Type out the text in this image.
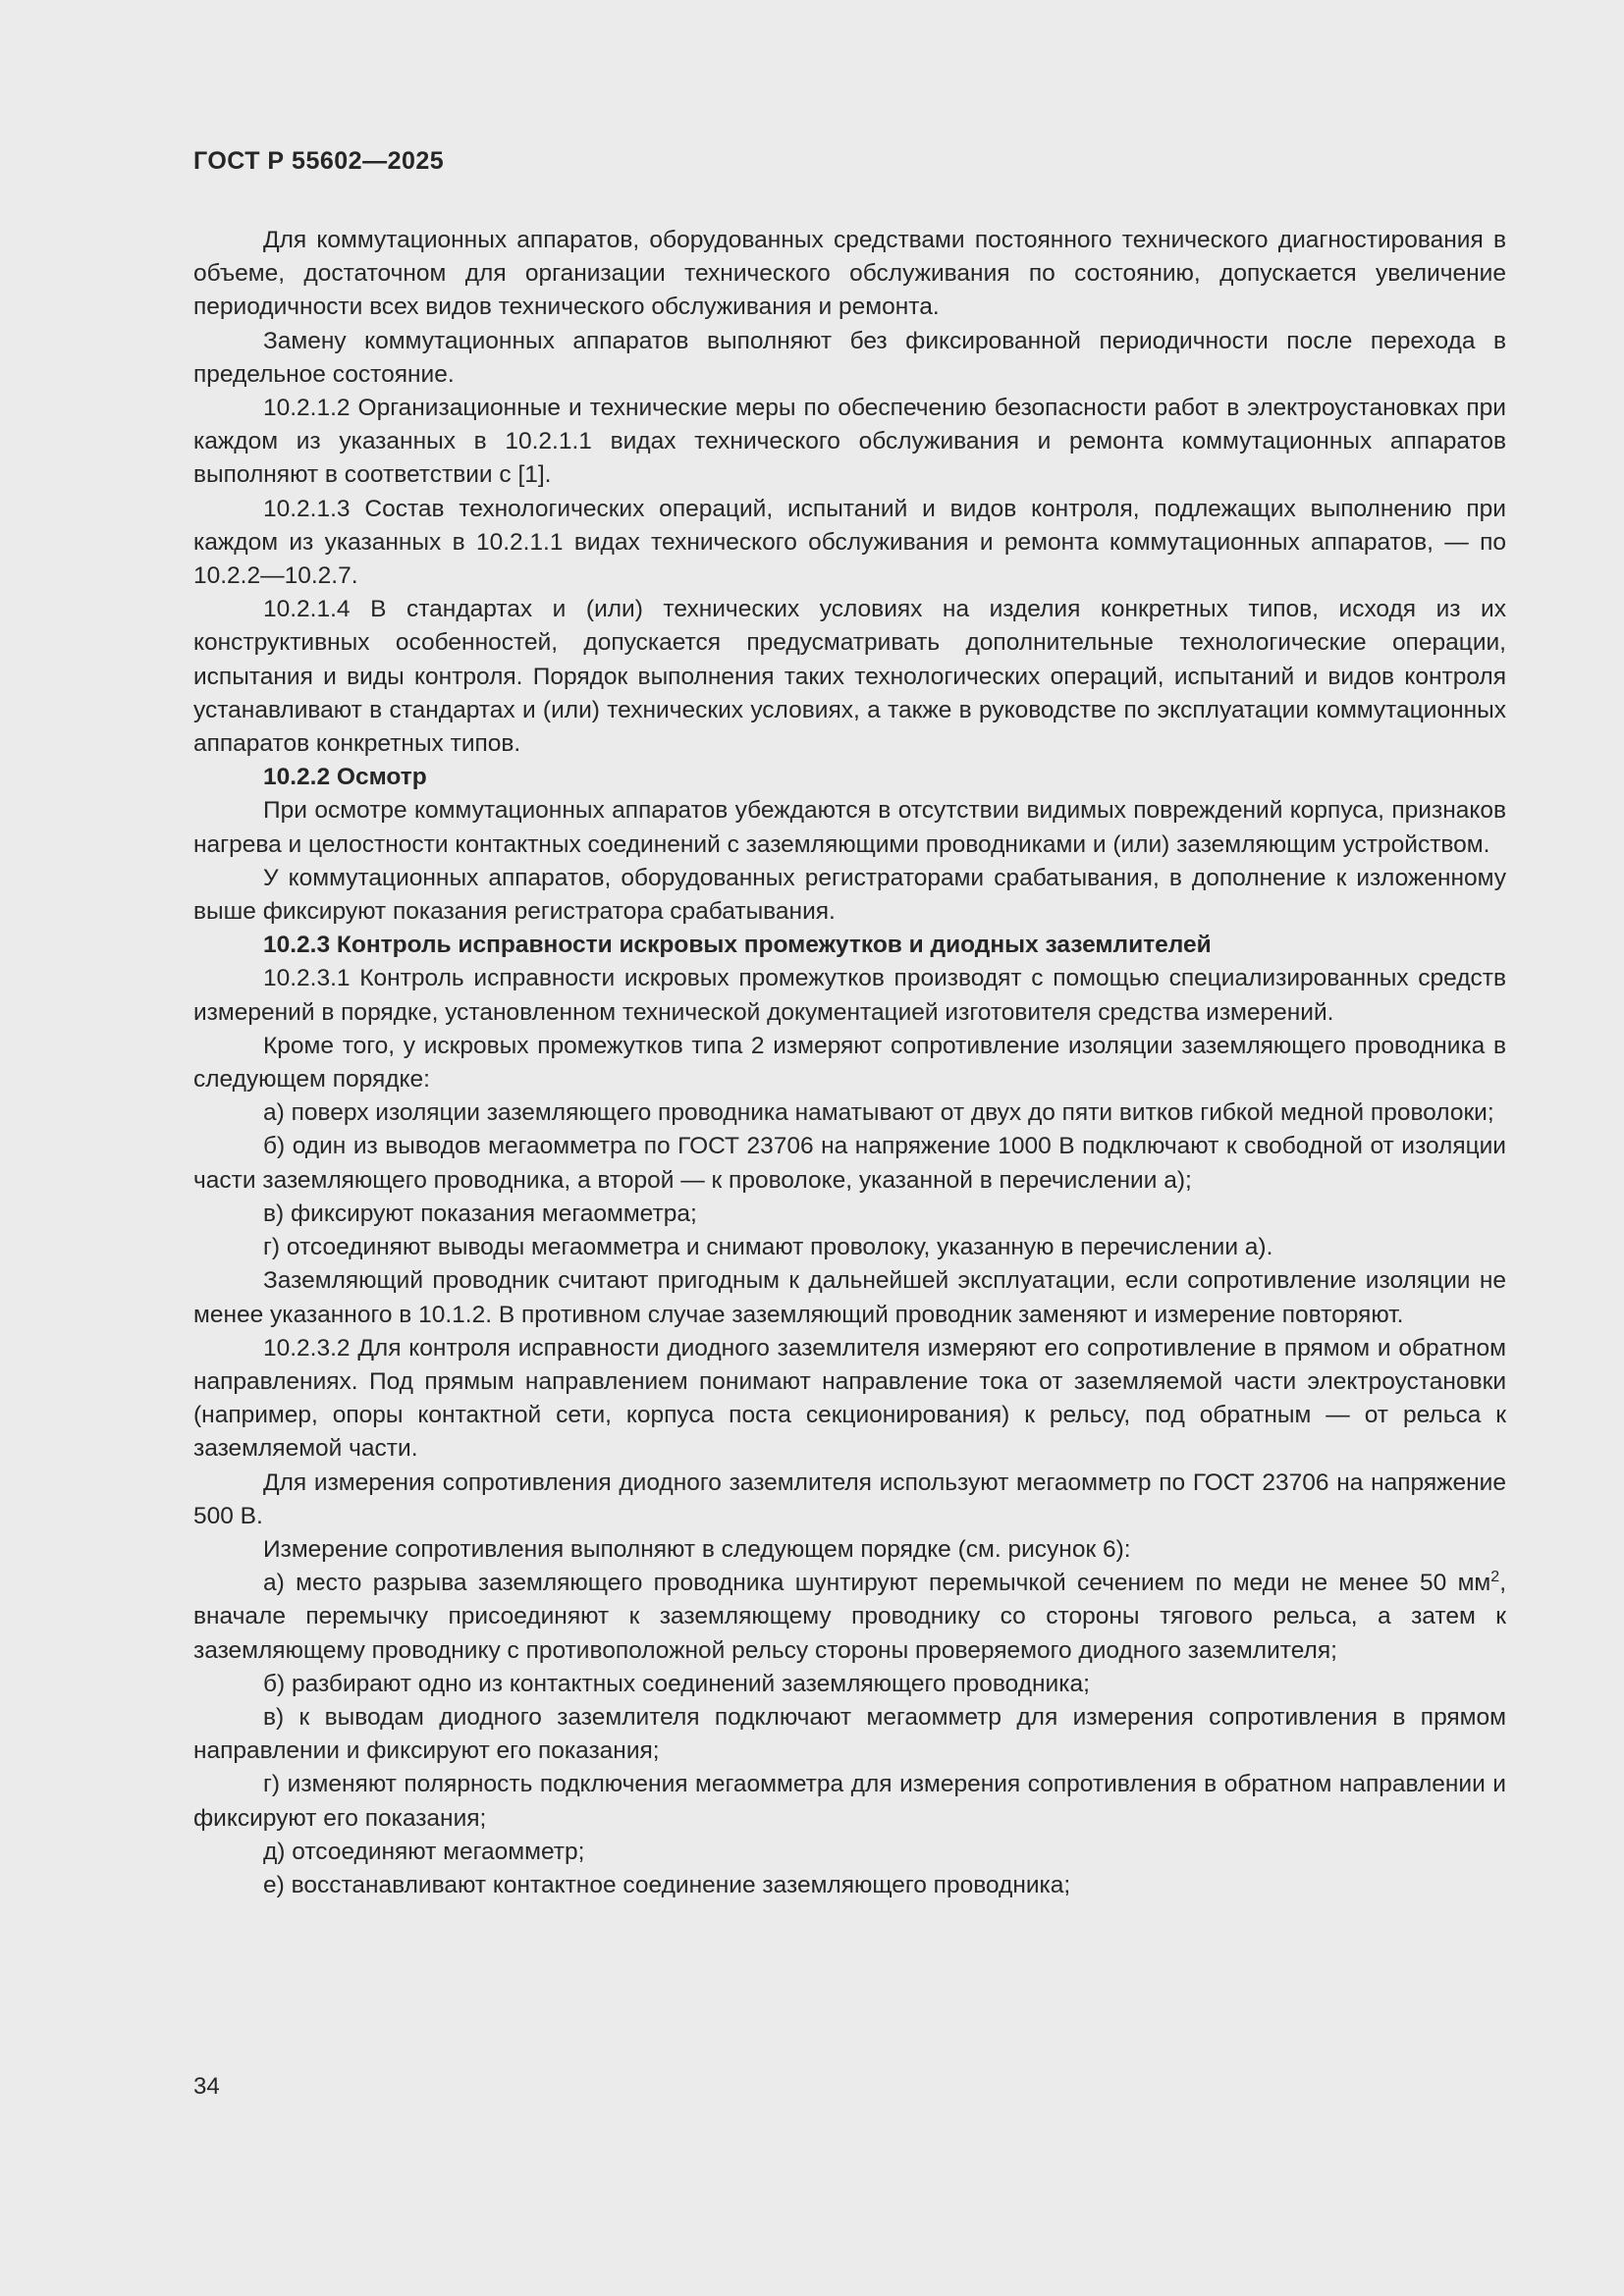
ГОСТ Р 55602—2025

Для коммутационных аппаратов, оборудованных средствами постоянного технического диагностирования в объеме, достаточном для организации технического обслуживания по состоянию, допускается увеличение периодичности всех видов технического обслуживания и ремонта.

Замену коммутационных аппаратов выполняют без фиксированной периодичности после перехода в предельное состояние.

10.2.1.2 Организационные и технические меры по обеспечению безопасности работ в электроустановках при каждом из указанных в 10.2.1.1 видах технического обслуживания и ремонта коммутационных аппаратов выполняют в соответствии с [1].

10.2.1.3 Состав технологических операций, испытаний и видов контроля, подлежащих выполнению при каждом из указанных в 10.2.1.1 видах технического обслуживания и ремонта коммутационных аппаратов, — по 10.2.2—10.2.7.

10.2.1.4 В стандартах и (или) технических условиях на изделия конкретных типов, исходя из их конструктивных особенностей, допускается предусматривать дополнительные технологические операции, испытания и виды контроля. Порядок выполнения таких технологических операций, испытаний и видов контроля устанавливают в стандартах и (или) технических условиях, а также в руководстве по эксплуатации коммутационных аппаратов конкретных типов.

10.2.2 Осмотр

При осмотре коммутационных аппаратов убеждаются в отсутствии видимых повреждений корпуса, признаков нагрева и целостности контактных соединений с заземляющими проводниками и (или) заземляющим устройством.

У коммутационных аппаратов, оборудованных регистраторами срабатывания, в дополнение к изложенному выше фиксируют показания регистратора срабатывания.

10.2.3 Контроль исправности искровых промежутков и диодных заземлителей

10.2.3.1 Контроль исправности искровых промежутков производят с помощью специализированных средств измерений в порядке, установленном технической документацией изготовителя средства измерений.

Кроме того, у искровых промежутков типа 2 измеряют сопротивление изоляции заземляющего проводника в следующем порядке:

а) поверх изоляции заземляющего проводника наматывают от двух до пяти витков гибкой медной проволоки;

б) один из выводов мегаомметра по ГОСТ 23706 на напряжение 1000 В подключают к свободной от изоляции части заземляющего проводника, а второй — к проволоке, указанной в перечислении а);

в) фиксируют показания мегаомметра;

г) отсоединяют выводы мегаомметра и снимают проволоку, указанную в перечислении а).

Заземляющий проводник считают пригодным к дальнейшей эксплуатации, если сопротивление изоляции не менее указанного в 10.1.2. В противном случае заземляющий проводник заменяют и измерение повторяют.

10.2.3.2 Для контроля исправности диодного заземлителя измеряют его сопротивление в прямом и обратном направлениях. Под прямым направлением понимают направление тока от заземляемой части электроустановки (например, опоры контактной сети, корпуса поста секционирования) к рельсу, под обратным — от рельса к заземляемой части.

Для измерения сопротивления диодного заземлителя используют мегаомметр по ГОСТ 23706 на напряжение 500 В.

Измерение сопротивления выполняют в следующем порядке (см. рисунок 6):

а) место разрыва заземляющего проводника шунтируют перемычкой сечением по меди не менее 50 $мм^2$, вначале перемычку присоединяют к заземляющему проводнику со стороны тягового рельса, а затем к заземляющему проводнику с противоположной рельсу стороны проверяемого диодного заземлителя;

б) разбирают одно из контактных соединений заземляющего проводника;

в) к выводам диодного заземлителя подключают мегаомметр для измерения сопротивления в прямом направлении и фиксируют его показания;

г) изменяют полярность подключения мегаомметра для измерения сопротивления в обратном направлении и фиксируют его показания;

д) отсоединяют мегаомметр;

е) восстанавливают контактное соединение заземляющего проводника;

34
